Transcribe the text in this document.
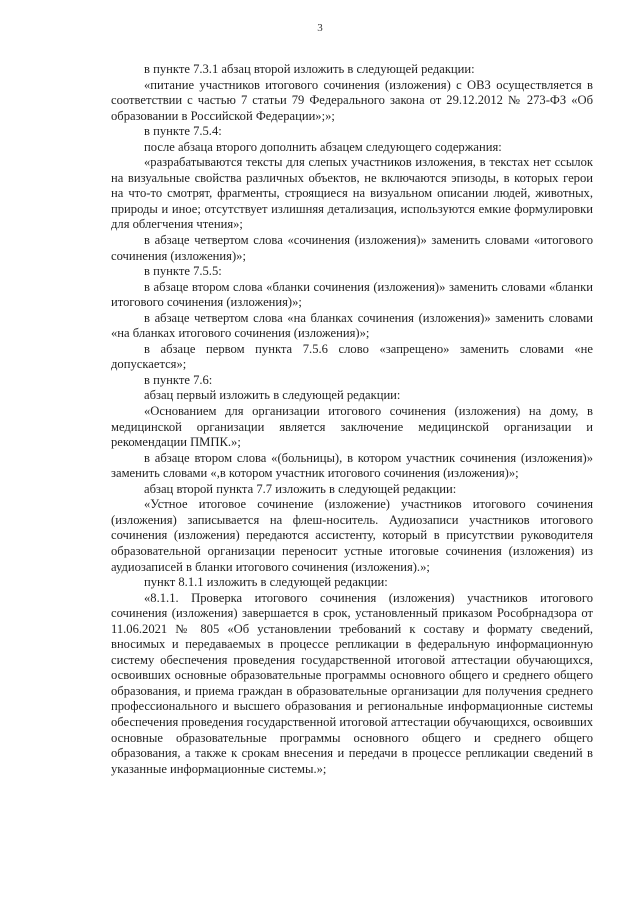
3

в пункте 7.3.1 абзац второй изложить в следующей редакции:

«питание участников итогового сочинения (изложения) с ОВЗ осуществляется в соответствии с частью 7 статьи 79 Федерального закона от 29.12.2012 № 273-ФЗ «Об образовании в Российской Федерации»;»;

в пункте 7.5.4:

после абзаца второго дополнить абзацем следующего содержания:

«разрабатываются тексты для слепых участников изложения, в текстах нет ссылок на визуальные свойства различных объектов, не включаются эпизоды, в которых герои на что-то смотрят, фрагменты, строящиеся на визуальном описании людей, животных, природы и иное; отсутствует излишняя детализация, используются емкие формулировки для облегчения чтения»;

в абзаце четвертом слова «сочинения (изложения)» заменить словами «итогового сочинения (изложения)»;

в пункте 7.5.5:

в абзаце втором слова «бланки сочинения (изложения)» заменить словами «бланки итогового сочинения (изложения)»;

в абзаце четвертом слова «на бланках сочинения (изложения)» заменить словами «на бланках итогового сочинения (изложения)»;

в абзаце первом пункта 7.5.6 слово «запрещено» заменить словами «не допускается»;

в пункте 7.6:

абзац первый изложить в следующей редакции:

«Основанием для организации итогового сочинения (изложения) на дому, в медицинской организации является заключение медицинской организации и рекомендации ПМПК.»;

в абзаце втором слова «(больницы), в котором участник сочинения (изложения)» заменить словами «,в котором участник итогового сочинения (изложения)»;

абзац второй пункта 7.7 изложить в следующей редакции:

«Устное итоговое сочинение (изложение) участников итогового сочинения (изложения) записывается на флеш-носитель. Аудиозаписи участников итогового сочинения (изложения) передаются ассистенту, который в присутствии руководителя образовательной организации переносит устные итоговые сочинения (изложения) из аудиозаписей в бланки итогового сочинения (изложения).»;

пункт 8.1.1 изложить в следующей редакции:

«8.1.1. Проверка итогового сочинения (изложения) участников итогового сочинения (изложения) завершается в срок, установленный приказом Рособрнадзора от 11.06.2021 № 805 «Об установлении требований к составу и формату сведений, вносимых и передаваемых в процессе репликации в федеральную информационную систему обеспечения проведения государственной итоговой аттестации обучающихся, освоивших основные образовательные программы основного общего и среднего общего образования, и приема граждан в образовательные организации для получения среднего профессионального и высшего образования и региональные информационные системы обеспечения проведения государственной итоговой аттестации обучающихся, освоивших основные образовательные программы основного общего и среднего общего образования, а также к срокам внесения и передачи в процессе репликации сведений в указанные информационные системы.»;
